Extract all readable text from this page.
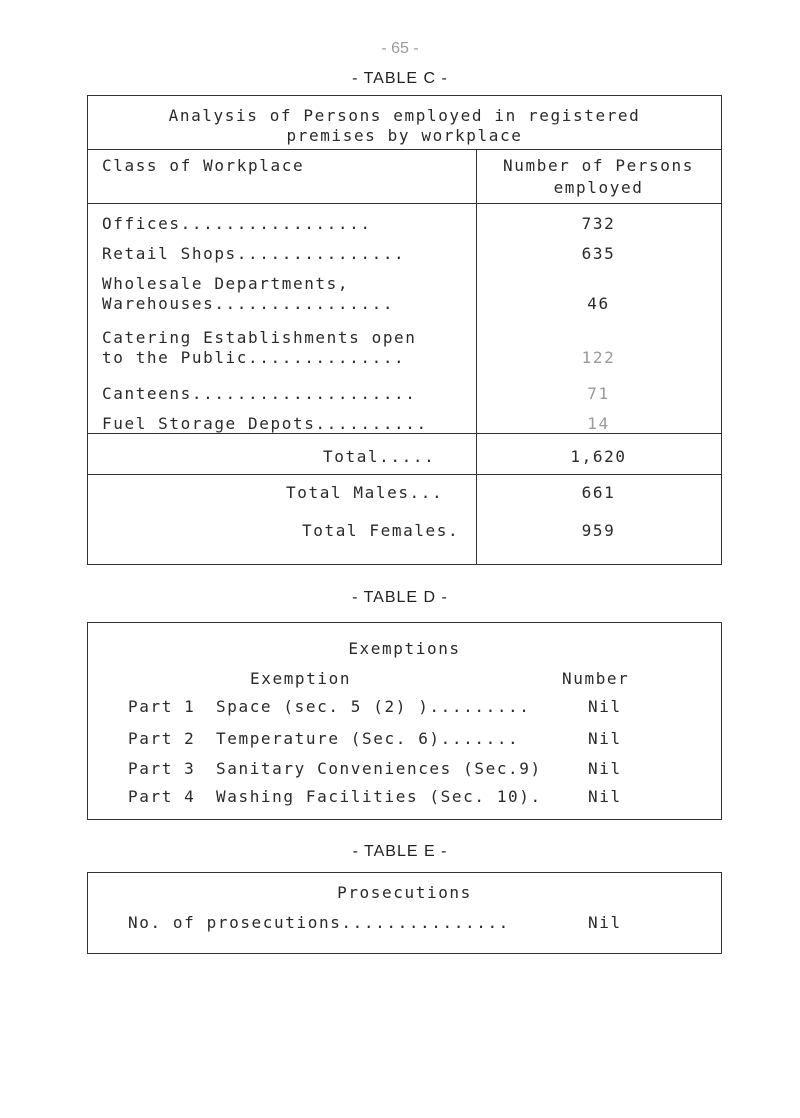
- 65 -
- TABLE C -
Analysis of Persons employed in registered
premises by workplace
Class of Workplace	Number of Persons
employed
Offices.................	732
Retail Shops...............	635
Wholesale Departments,
Warehouses................	46
Catering Establishments open
to the Public..............	122
Canteens....................	71
Fuel Storage Depots..........	14
Total.....	1,620
Total Males...	661
Total Females.	959
- TABLE D -
Exemptions
Exemption	Number
Part 1 Space (sec. 5 (2) ).........	Nil
Part 2 Temperature (Sec. 6).......	Nil
Part 3 Sanitary Conveniences (Sec.9)	Nil
Part 4 Washing Facilities (Sec. 10).	Nil
- TABLE E -
Prosecutions
No. of prosecutions...............	Nil
